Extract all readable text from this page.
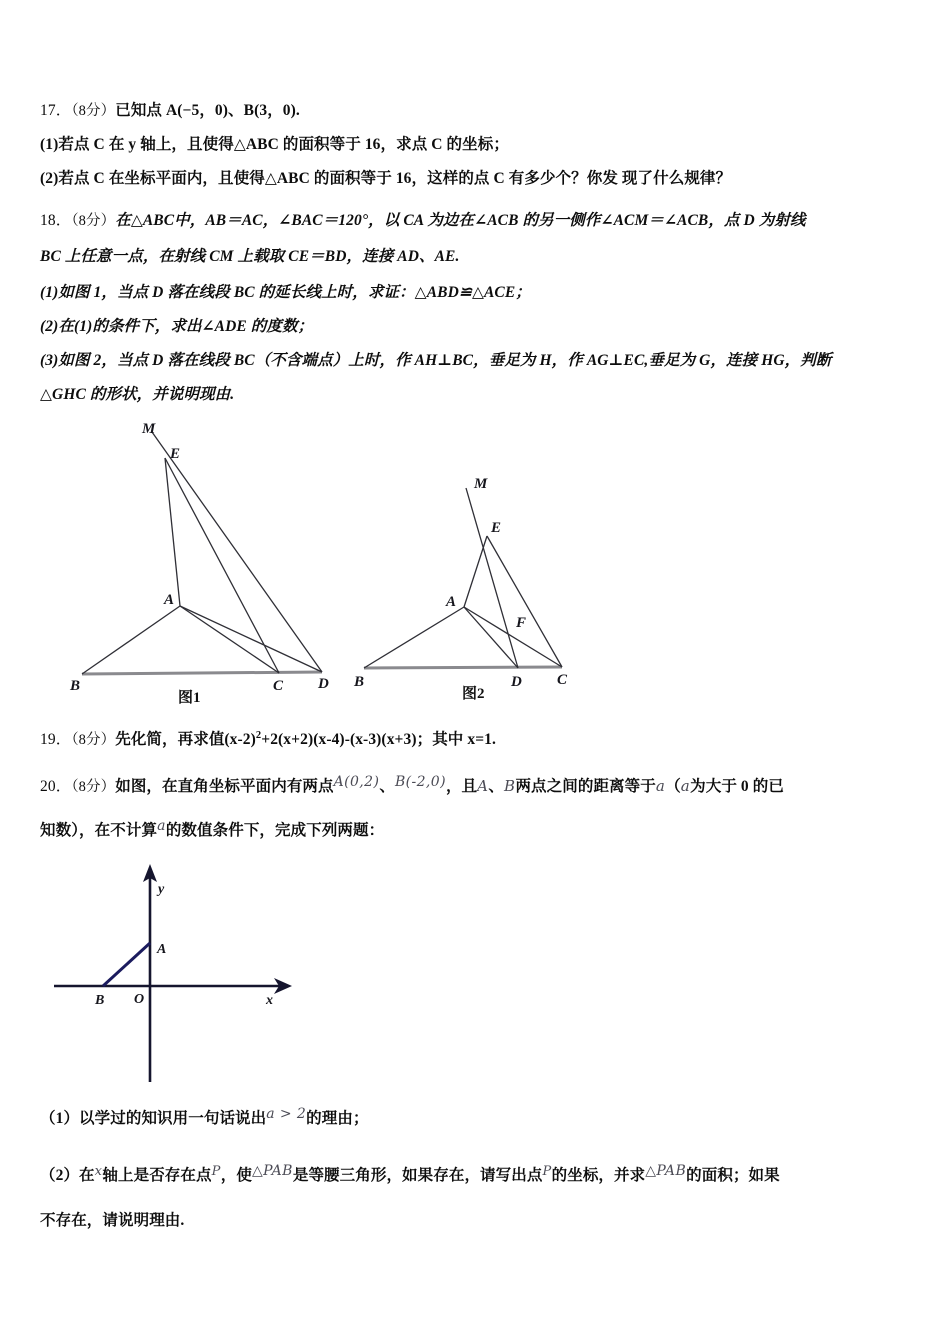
17．（8分）已知点 A(−5，0)、B(3，0).
(1)若点 C 在 y 轴上，且使得△ABC 的面积等于 16，求点 C 的坐标；
(2)若点 C 在坐标平面内，且使得△ABC 的面积等于 16，这样的点 C 有多少个？你发 现了什么规律？
18．（8分）在△ABC中，AB＝AC，∠BAC＝120°，以 CA 为边在∠ACB 的另一侧作∠ACM＝∠ACB，点 D 为射线
BC 上任意一点，在射线 CM 上载取 CE＝BD，连接 AD、AE.
(1)如图 1，当点 D 落在线段 BC 的延长线上时，求证：△ABD≌△ACE；
(2)在(1)的条件下，求出∠ADE 的度数；
(3)如图 2，当点 D 落在线段 BC（不含端点）上时，作 AH⊥BC，垂足为 H，作 AG⊥EC,垂足为 G，连接 HG，判断
△GHC 的形状，并说明现由.
M
E
A
B	C D
图1
M
E
A
F
B	D C
图2
19．（8分）先化简，再求值$(x-2)^2+2(x+2)(x-4)-(x-3)(x+3)$；其中 x=1.
20．（8分）如图，在直角坐标平面内有两点A(0,2)、B(-2,0)，且A、B两点之间的距离等于a（a为大于 0 的已
知数），在不计算a的数值条件下，完成下列两题：
y
x
O
A
B
（1）以学过的知识用一句话说出a > 2的理由；
（2）在$^x$轴上是否存在点$^P$，使△PAB是等腰三角形，如果存在，请写出点$^P$的坐标，并求△PAB的面积；如果
不存在，请说明理由.
